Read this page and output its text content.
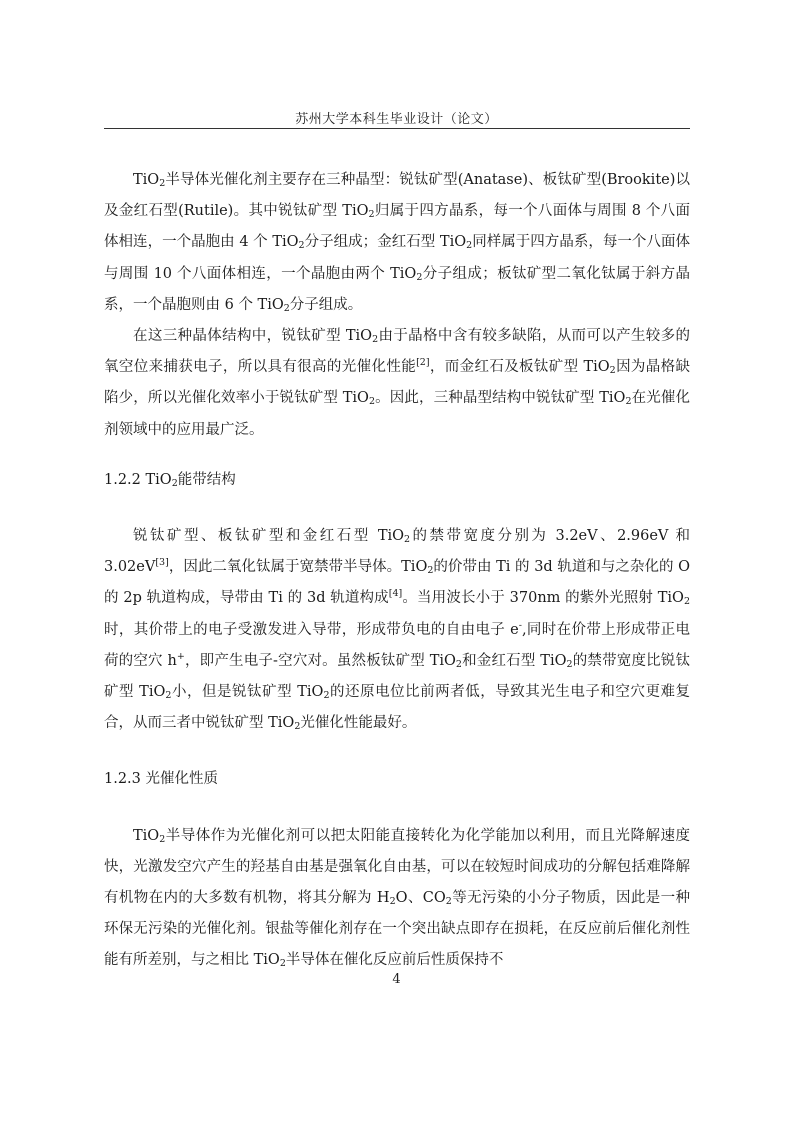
苏州大学本科生毕业设计（论文）

TiO$_2$半导体光催化剂主要存在三种晶型：锐钛矿型(Anatase)、板钛矿型(Brookite)以及金红石型(Rutile)。其中锐钛矿型 TiO$_2$归属于四方晶系，每一个八面体与周围 8 个八面体相连，一个晶胞由 4 个 TiO$_2$分子组成；金红石型 TiO$_2$同样属于四方晶系，每一个八面体与周围 10 个八面体相连，一个晶胞由两个 TiO$_2$分子组成；板钛矿型二氧化钛属于斜方晶系，一个晶胞则由 6 个 TiO$_2$分子组成。

在这三种晶体结构中，锐钛矿型 TiO$_2$由于晶格中含有较多缺陷，从而可以产生较多的氧空位来捕获电子，所以具有很高的光催化性能[2]，而金红石及板钛矿型 TiO$_2$因为晶格缺陷少，所以光催化效率小于锐钛矿型 TiO$_2$。因此，三种晶型结构中锐钛矿型 TiO$_2$在光催化剂领域中的应用最广泛。

1.2.2 TiO$_2$能带结构

锐钛矿型、板钛矿型和金红石型 TiO$_2$的禁带宽度分别为 3.2eV、2.96eV 和 3.02eV[3]，因此二氧化钛属于宽禁带半导体。TiO$_2$的价带由 Ti 的 3d 轨道和与之杂化的 O 的 2p 轨道构成，导带由 Ti 的 3d 轨道构成[4]。当用波长小于 370nm 的紫外光照射 TiO$_2$时，其价带上的电子受激发进入导带，形成带负电的自由电子 e-,同时在价带上形成带正电荷的空穴 h+，即产生电子-空穴对。虽然板钛矿型 TiO$_2$和金红石型 TiO$_2$的禁带宽度比锐钛矿型 TiO$_2$小，但是锐钛矿型 TiO$_2$的还原电位比前两者低，导致其光生电子和空穴更难复合，从而三者中锐钛矿型 TiO$_2$光催化性能最好。

1.2.3 光催化性质

TiO$_2$半导体作为光催化剂可以把太阳能直接转化为化学能加以利用，而且光降解速度快，光激发空穴产生的羟基自由基是强氧化自由基，可以在较短时间成功的分解包括难降解有机物在内的大多数有机物，将其分解为 $H_2O$、$CO_2$等无污染的小分子物质，因此是一种环保无污染的光催化剂。银盐等催化剂存在一个突出缺点即存在损耗，在反应前后催化剂性能有所差别，与之相比 TiO$_2$半导体在催化反应前后性质保持不

4
